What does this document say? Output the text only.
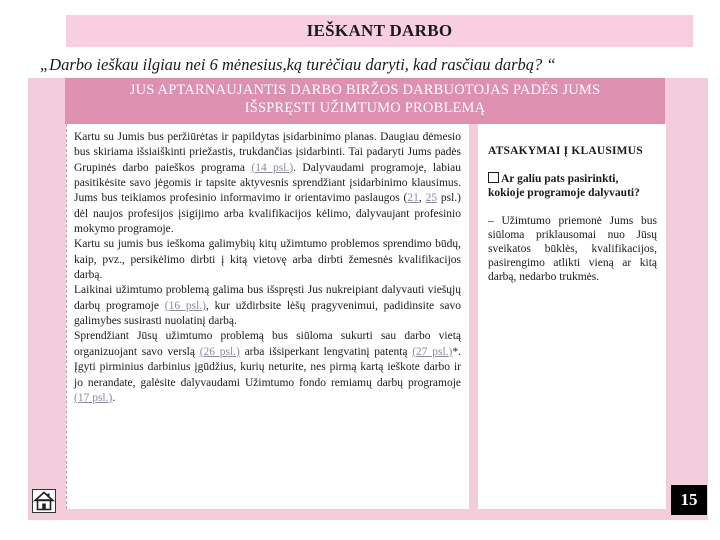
IEŠKANT DARBO
„Darbo ieškau ilgiau nei 6 mėnesius,ką turėčiau daryti, kad rasčiau darbą? “
JUS APTARNAUJANTIS DARBO BIRŽOS DARBUOTOJAS PADĖS JUMS
IŠSPRĘSTI UŽIMTUMO PROBLEMĄ

Kartu su Jumis bus peržiūrėtas ir papildytas įsidarbinimo planas. Daugiau dėmesio bus skiriama išsiaiškinti priežastis, trukdančias įsidarbinti. Tai padaryti Jums padės Grupinės darbo paieškos programa (14 psl.). Dalyvaudami programoje, labiau pasitikėsite savo jėgomis ir tapsite aktyvesnis sprendžiant įsidarbinimo klausimus. Jums bus teikiamos profesinio informavimo ir orientavimo paslaugos (21, 25 psl.) dėl naujos profesijos įsigijimo arba kvalifikacijos kėlimo, dalyvaujant profesinio mokymo programoje.

Kartu su jumis bus ieškoma galimybių kitų užimtumo problemos sprendimo būdų, kaip, pvz., persikėlimo dirbti į kitą vietovę arba dirbti žemesnės kvalifikacijos darbą.

Laikinai užimtumo problemą galima bus išspręsti Jus nukreipiant dalyvauti viešųjų darbų programoje (16 psl.), kur uždirbsite lėšų pragyvenimui, padidinsite savo galimybes susirasti nuolatinį darbą.

Sprendžiant Jūsų užimtumo problemą bus siūloma sukurti sau darbo vietą organizuojant savo verslą (26 psl.) arba išsiperkant lengvatinį patentą (27 psl.)*. Įgyti pirminius darbinius įgūdžius, kurių neturite, nes pirmą kartą ieškote darbo ir jo nerandate, galėsite dalyvaudami Užimtumo fondo remiamų darbų programoje (17 psl.).

ATSAKYMAI Į KLAUSIMUS
Ar galiu pats pasirinkti, kokioje programoje dalyvauti?
– Užimtumo priemonė Jums bus siūloma priklausomai nuo Jūsų sveikatos būklės, kvalifikacijos, pasirengimo atlikti vieną ar kitą darbą, nedarbo trukmės.
15
